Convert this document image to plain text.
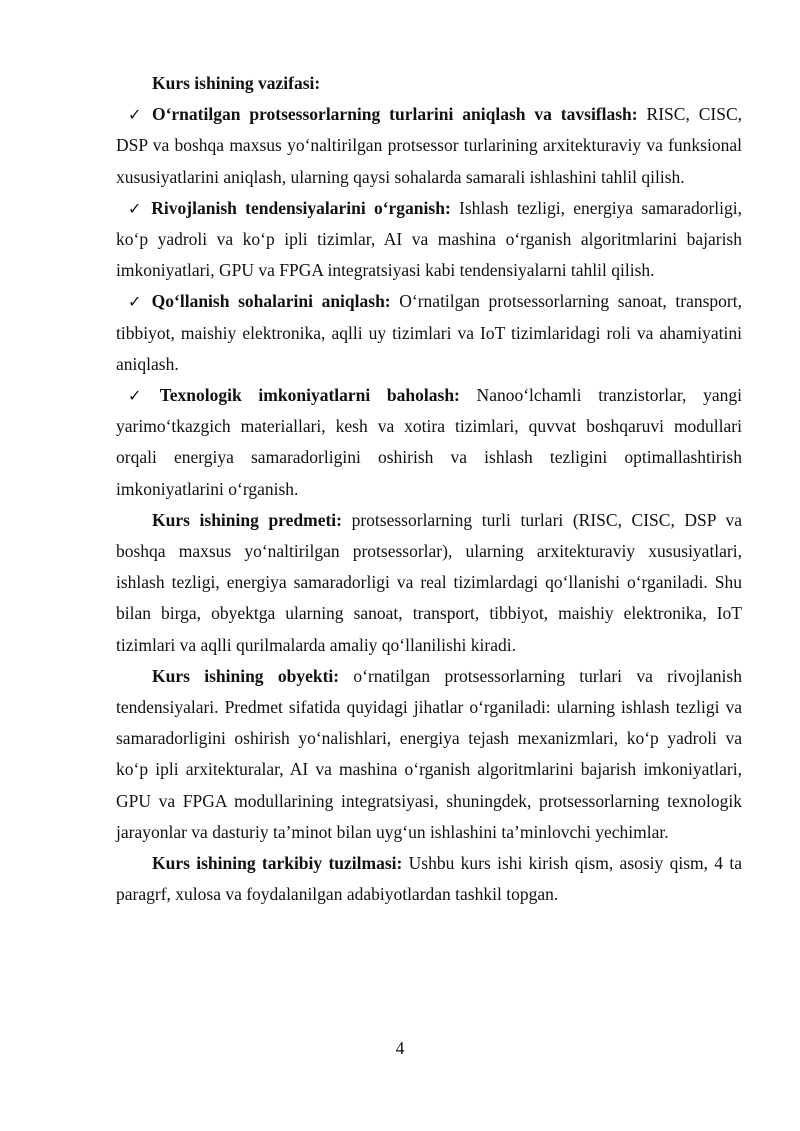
Kurs ishining vazifasi:

✓ O‘rnatilgan protsessorlarning turlarini aniqlash va tavsiflash: RISC, CISC, DSP va boshqa maxsus yo‘naltirilgan protsessor turlarining arxitekturaviy va funksional xususiyatlarini aniqlash, ularning qaysi sohalarda samarali ishlashini tahlil qilish.

✓ Rivojlanish tendensiyalarini o‘rganish: Ishlash tezligi, energiya samaradorligi, ko‘p yadroli va ko‘p ipli tizimlar, AI va mashina o‘rganish algoritmlarini bajarish imkoniyatlari, GPU va FPGA integratsiyasi kabi tendensiyalarni tahlil qilish.

✓ Qo‘llanish sohalarini aniqlash: O‘rnatilgan protsessorlarning sanoat, transport, tibbiyot, maishiy elektronika, aqlli uy tizimlari va IoT tizimlaridagi roli va ahamiyatini aniqlash.

✓ Texnologik imkoniyatlarni baholash: Nanoo‘lchamli tranzistorlar, yangi yarimo‘tkazgich materiallari, kesh va xotira tizimlari, quvvat boshqaruvi modullari orqali energiya samaradorligini oshirish va ishlash tezligini optimallashtirish imkoniyatlarini o‘rganish.

Kurs ishining predmeti: protsessorlarning turli turlari (RISC, CISC, DSP va boshqa maxsus yo‘naltirilgan protsessorlar), ularning arxitekturaviy xususiyatlari, ishlash tezligi, energiya samaradorligi va real tizimlardagi qo‘llanishi o‘rganiladi. Shu bilan birga, obyektga ularning sanoat, transport, tibbiyot, maishiy elektronika, IoT tizimlari va aqlli qurilmalarda amaliy qo‘llanilishi kiradi.

Kurs ishining obyekti: o‘rnatilgan protsessorlarning turlari va rivojlanish tendensiyalari. Predmet sifatida quyidagi jihatlar o‘rganiladi: ularning ishlash tezligi va samaradorligini oshirish yo‘nalishlari, energiya tejash mexanizmlari, ko‘p yadroli va ko‘p ipli arxitekturalar, AI va mashina o‘rganish algoritmlarini bajarish imkoniyatlari, GPU va FPGA modullarining integratsiyasi, shuningdek, protsessorlarning texnologik jarayonlar va dasturiy ta’minot bilan uyg‘un ishlashini ta’minlovchi yechimlar.

Kurs ishining tarkibiy tuzilmasi: Ushbu kurs ishi kirish qism, asosiy qism, 4 ta paragrf, xulosa va foydalanilgan adabiyotlardan tashkil topgan.

4
